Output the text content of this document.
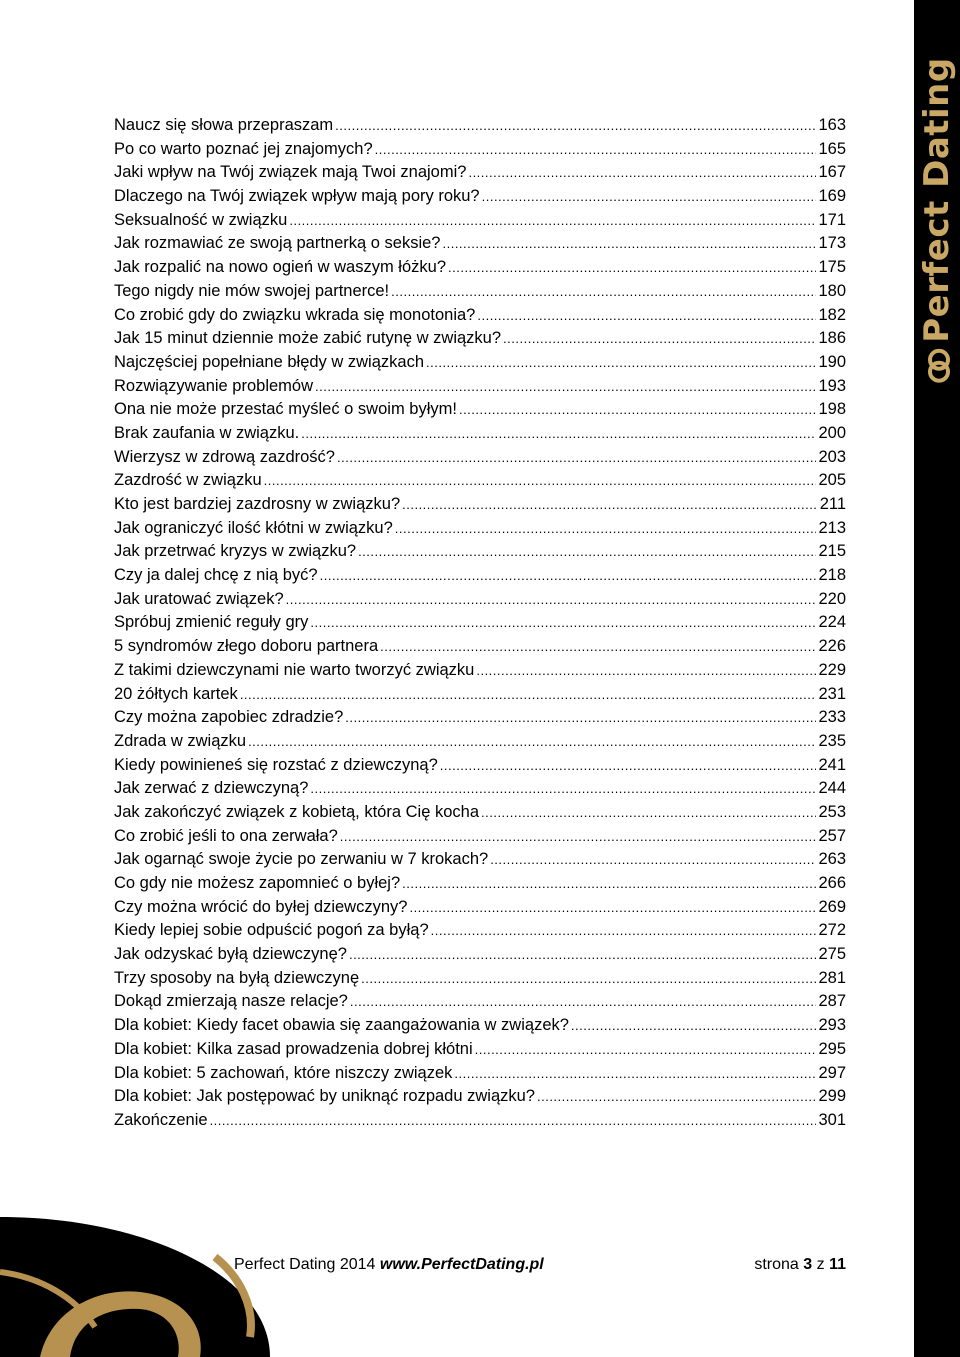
Perfect Dating
Naucz się słowa przepraszam .....	163
Po co warto poznać jej znajomych? .....	165
Jaki wpływ na Twój związek mają Twoi znajomi? .....	167
Dlaczego na Twój związek wpływ mają pory roku? .....	169
Seksualność w związku .....	171
Jak rozmawiać ze swoją partnerką o seksie? .....	173
Jak rozpalić na nowo ogień w waszym łóżku? .....	175
Tego nigdy nie mów swojej partnerce! .....	180
Co zrobić gdy do związku wkrada się monotonia? .....	182
Jak 15 minut dziennie może zabić rutynę w związku? .....	186
Najczęściej popełniane błędy w związkach .....	190
Rozwiązywanie problemów .....	193
Ona nie może przestać myśleć o swoim byłym! .....	198
Brak zaufania w związku. .....	200
Wierzysz w zdrową zazdrość? .....	203
Zazdrość w związku .....	205
Kto jest bardziej zazdrosny w związku? .....	211
Jak ograniczyć ilość kłótni w związku? .....	213
Jak przetrwać kryzys w związku? .....	215
Czy ja dalej chcę z nią być? .....	218
Jak uratować związek? .....	220
Spróbuj zmienić reguły gry .....	224
5 syndromów złego doboru partnera .....	226
Z takimi dziewczynami nie warto tworzyć związku .....	229
20 żółtych kartek .....	231
Czy można zapobiec zdradzie? .....	233
Zdrada w związku .....	235
Kiedy powinieneś się rozstać z dziewczyną? .....	241
Jak zerwać z dziewczyną? .....	244
Jak zakończyć związek z kobietą, która Cię kocha .....	253
Co zrobić jeśli to ona zerwała? .....	257
Jak ogarnąć swoje życie po zerwaniu w 7 krokach? .....	263
Co gdy nie możesz zapomnieć o byłej? .....	266
Czy można wrócić do byłej dziewczyny? .....	269
Kiedy lepiej sobie odpuścić pogoń za byłą? .....	272
Jak odzyskać byłą dziewczynę? .....	275
Trzy sposoby na byłą dziewczynę .....	281
Dokąd zmierzają nasze relacje? .....	287
Dla kobiet: Kiedy facet obawia się zaangażowania w związek? .....	293
Dla kobiet: Kilka zasad prowadzenia dobrej kłótni .....	295
Dla kobiet: 5 zachowań, które niszczy związek .....	297
Dla kobiet: Jak postępować by uniknąć rozpadu związku? .....	299
Zakończenie .....	301
Perfect Dating 2014 www.PerfectDating.pl	strona 3 z 11
